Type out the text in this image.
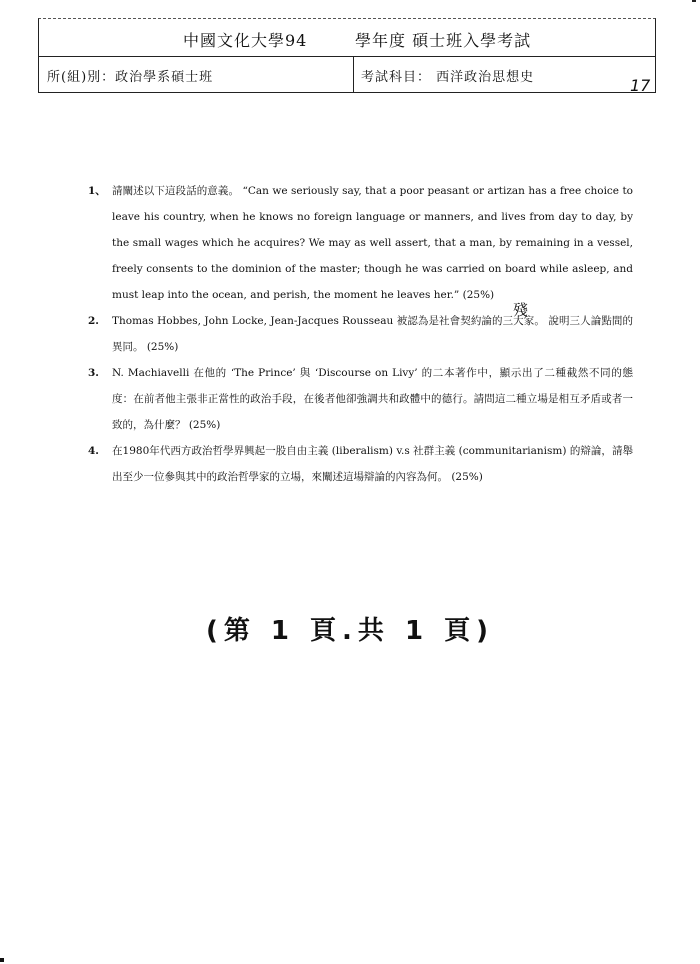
中國文化大學94	學年度 碩士班入學考試
所(組)別：政治學系碩士班	考試科目： 西洋政治思想史	17
1、 請闡述以下這段話的意義。 “Can we seriously say, that a poor peasant or artizan has a free choice to leave his country, when he knows no foreign language or manners, and lives from day to day, by the small wages which he acquires? We may as well assert, that a man, by remaining in a vessel, freely consents to the dominion of the master; though he was carried on board while asleep, and must leap into the ocean, and perish, the moment he leaves her.” (25%)
2. Thomas Hobbes, John Locke, Jean-Jacques Rousseau 被認為是社會契約論的三大家。 說明三人論點間的異同。 (25%)
3. N. Machiavelli 在他的 ‘The Prince’ 與 ‘Discourse on Livy’ 的二本著作中，顯示出了二種截然不同的態度：在前者他主張非正當性的政治手段，在後者他卻強調共和政體中的德行。請問這二種立場是相互矛盾或者一致的，為什麼？ (25%)
4. 在1980年代西方政治哲學界興起一股自由主義 (liberalism) v.s 社群主義 (communitarianism) 的辯論，請舉出至少一位參與其中的政治哲學家的立場，來闡述這場辯論的內容為何。 (25%)
殘
(第 1 頁.共 1 頁)
